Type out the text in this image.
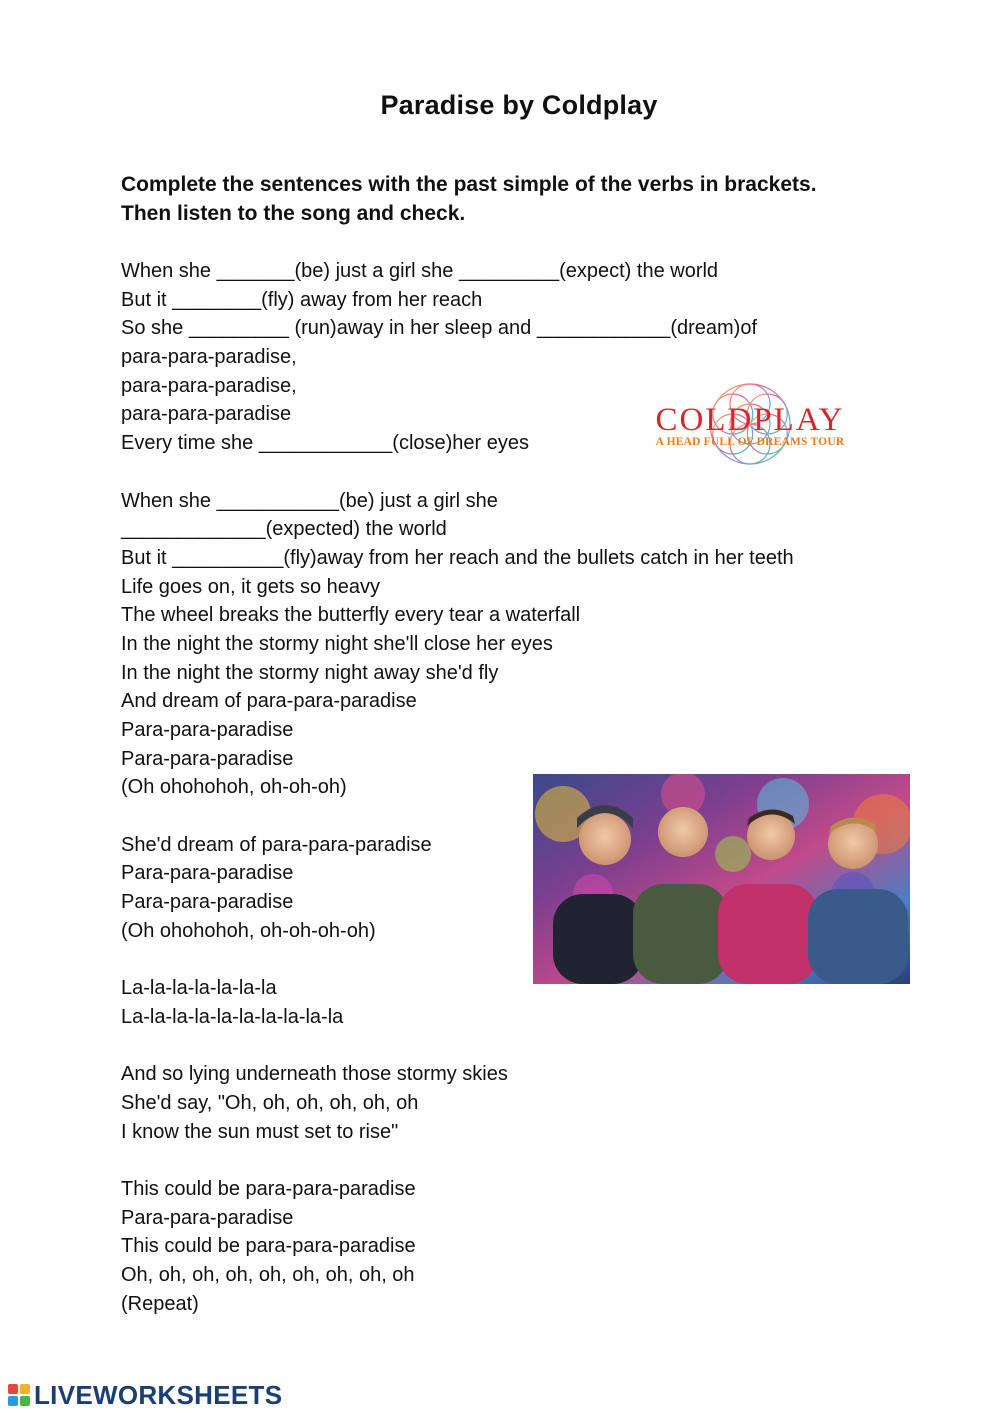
Paradise by Coldplay
Complete the sentences with the past simple of the verbs in brackets.
Then listen to the song and check.
When she _______(be) just a girl she _________(expect) the world
But it ________(fly) away from her reach
So she _________ (run)away in her sleep and ____________(dream)of
para-para-paradise,
para-para-paradise,
para-para-paradise
Every time she ____________(close)her eyes
When she ___________(be) just a girl she
_____________(expected) the world
But it __________(fly)away from her reach and the bullets catch in her teeth
Life goes on, it gets so heavy
The wheel breaks the butterfly every tear a waterfall
In the night the stormy night she'll close her eyes
In the night the stormy night away she'd fly
And dream of para-para-paradise
Para-para-paradise
Para-para-paradise
(Oh ohohohoh, oh-oh-oh)
She'd dream of para-para-paradise
Para-para-paradise
Para-para-paradise
(Oh ohohohoh, oh-oh-oh-oh)
La-la-la-la-la-la-la
La-la-la-la-la-la-la-la-la-la
And so lying underneath those stormy skies
She'd say, "Oh, oh, oh, oh, oh, oh
I know the sun must set to rise"
This could be para-para-paradise
Para-para-paradise
This could be para-para-paradise
Oh, oh, oh, oh, oh, oh, oh, oh, oh
(Repeat)
COLDPLAY
A HEAD FULL OF DREAMS TOUR
LIVEWORKSHEETS
